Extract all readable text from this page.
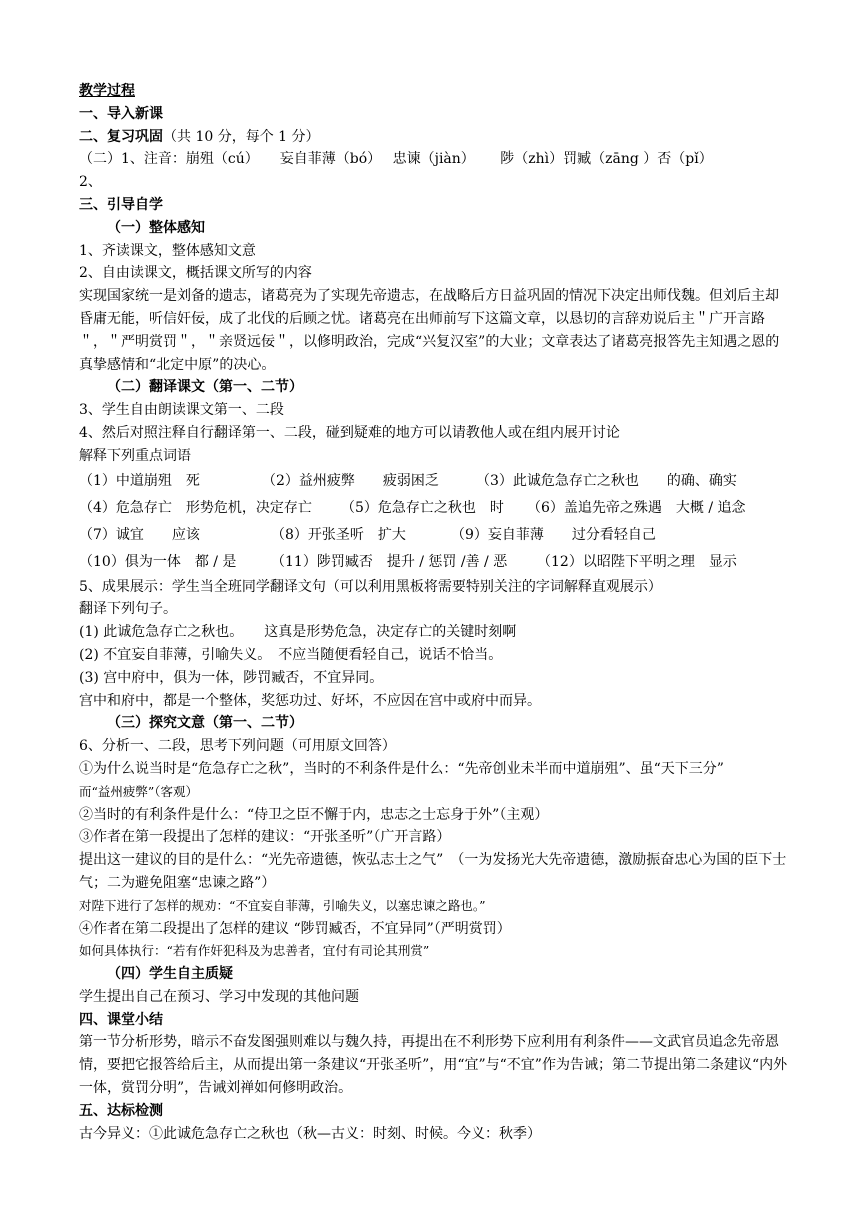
教学过程
一、导入新课
二、复习巩固（共 10 分，每个 1 分）
（二）1、注音：崩殂（cú）　　妄自菲薄（bó）　 忠谏（jiàn）　　 陟（zhì）罚臧（zāng ）否（pǐ）
2、
三、引导自学
（一）整体感知
1、齐读课文，整体感知文意
2、自由读课文，概括课文所写的内容
实现国家统一是刘备的遗志，诸葛亮为了实现先帝遗志，在战略后方日益巩固的情况下决定出师伐魏。但刘后主却昏庸无能，听信奸佞，成了北伐的后顾之忧。诸葛亮在出师前写下这篇文章，以恳切的言辞劝说后主＂广开言路＂，＂严明赏罚＂，＂亲贤远佞＂，以修明政治，完成“兴复汉室”的大业；文章表达了诸葛亮报答先主知遇之恩的真挚感情和“北定中原”的决心。
（二）翻译课文（第一、二节）
3、学生自由朗读课文第一、二段
4、然后对照注释自行翻译第一、二段，碰到疑难的地方可以请教他人或在组内展开讨论
解释下列重点词语
（1）中道崩殂　死	（2）益州疲弊　　疲弱困乏	（3）此诚危急存亡之秋也　　的确、确实
（4）危急存亡　形势危机，决定存亡 （5）危急存亡之秋也　时 （6）盖追先帝之殊遇　大概 / 追念
（7）诚宜　　应该	（8）开张圣听　扩大	（9）妄自菲薄　　过分看轻自己
（10）俱为一体　都 / 是 （11）陟罚臧否　提升 / 惩罚 /善 / 恶 （12）以昭陛下平明之理　显示
5、成果展示：学生当全班同学翻译文句（可以利用黑板将需要特别关注的字词解释直观展示）
翻译下列句子。
(1) 此诚危急存亡之秋也。　　这真是形势危急，决定存亡的关键时刻啊
(2) 不宜妄自菲薄，引喻失义。　不应当随便看轻自己，说话不恰当。
(3) 宫中府中，俱为一体，陟罚臧否，不宜异同。
宫中和府中，都是一个整体，奖惩功过、好坏，不应因在宫中或府中而异。
（三）探究文意（第一、二节）
6、分析一、二段，思考下列问题（可用原文回答）
①为什么说当时是“危急存亡之秋”，当时的不利条件是什么：“先帝创业未半而中道崩殂”、虽“天下三分”
而“益州疲弊”（客观）
②当时的有利条件是什么：“侍卫之臣不懈于内，忠志之士忘身于外”（主观）
③作者在第一段提出了怎样的建议：“开张圣听”（广开言路）
提出这一建议的目的是什么：“光先帝遗德，恢弘志士之气”　（一为发扬光大先帝遗德，激励振奋忠心为国的臣下士气；二为避免阻塞“忠谏之路”）
对陛下进行了怎样的规劝：“不宜妄自菲薄，引喻失义，以塞忠谏之路也。”
④作者在第二段提出了怎样的建议 “陟罚臧否，不宜异同”（严明赏罚）
如何具体执行：“若有作奸犯科及为忠善者，宜付有司论其刑赏”
（四）学生自主质疑
学生提出自己在预习、学习中发现的其他问题
四、课堂小结
第一节分析形势，暗示不奋发图强则难以与魏久持，再提出在不利形势下应利用有利条件——文武官员追念先帝恩情，要把它报答给后主，从而提出第一条建议“开张圣听”，用“宜”与“不宜”作为告诫；第二节提出第二条建议“内外一体，赏罚分明”，告诫刘禅如何修明政治。
五、达标检测
古今异义：①此诚危急存亡之秋也（秋—古义：时刻、时候。今义：秋季）
